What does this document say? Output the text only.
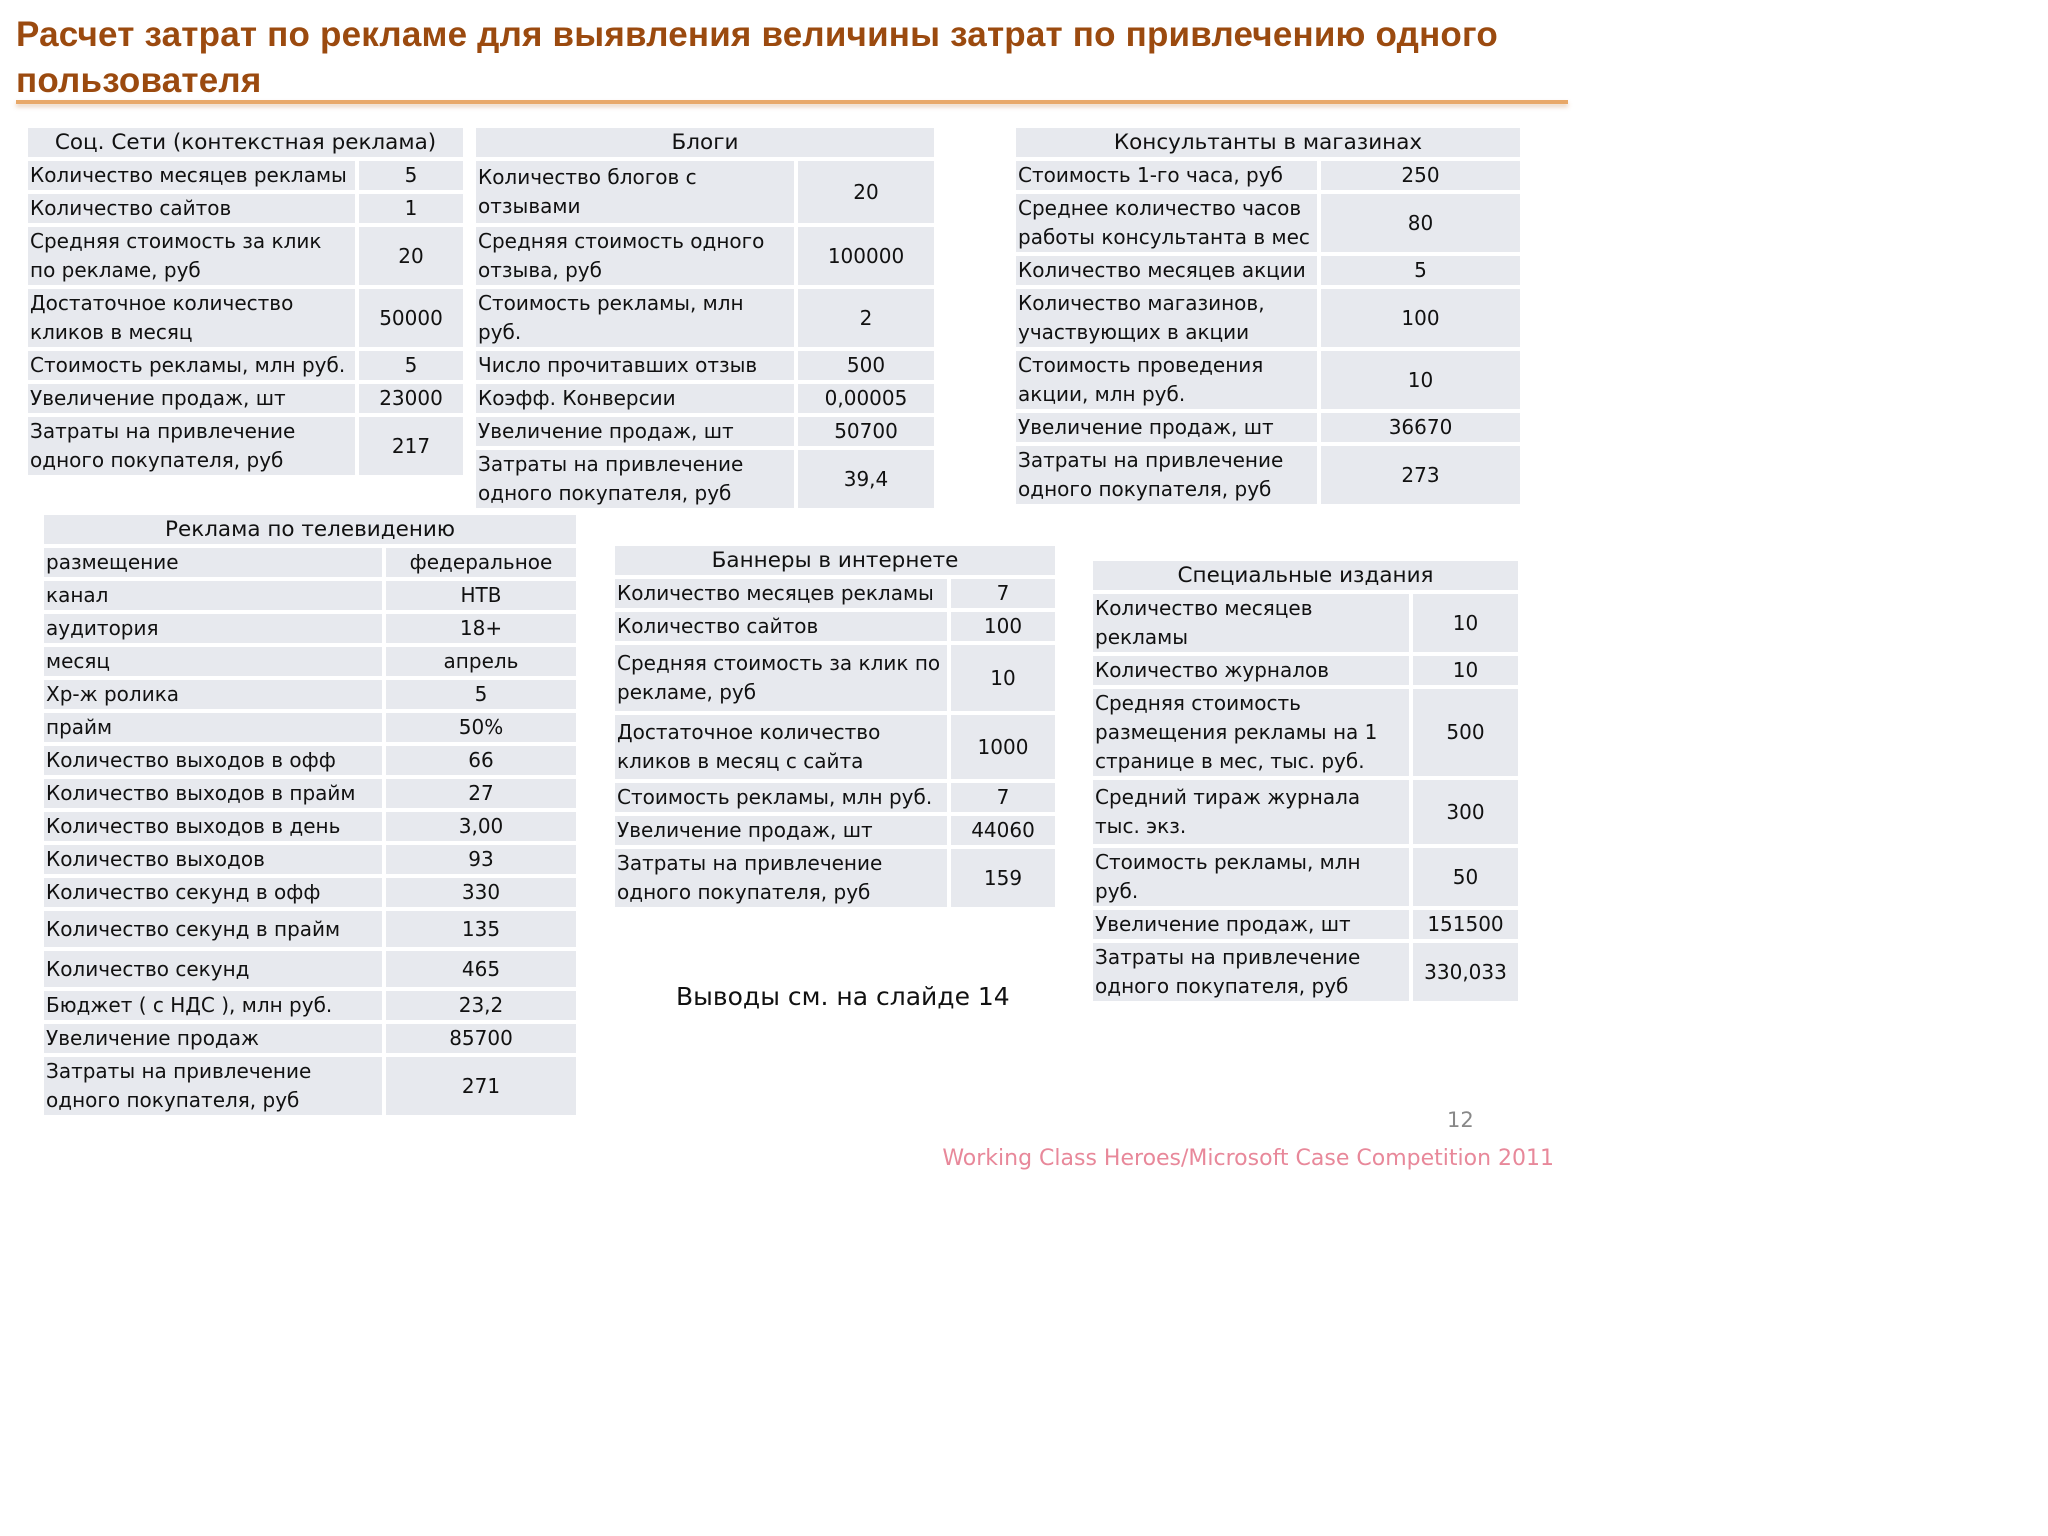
Расчет затрат по рекламе для выявления величины затрат по привлечению одного пользователя
Соц. Сети (контекстная реклама)	
Количество месяцев рекламы	5
Количество сайтов	1
Средняя стоимость за клик по рекламе, руб	20
Достаточное количество кликов в месяц	50000
Стоимость рекламы, млн руб.	5
Увеличение продаж, шт	23000
Затраты на привлечение одного покупателя, руб	217
Блоги	
Количество блогов с отзывами	20
Средняя стоимость одного отзыва, руб	100000
Стоимость рекламы, млн руб.	2
Число прочитавших отзыв	500
Коэфф. Конверсии	0,00005
Увеличение продаж, шт	50700
Затраты на привлечение одного покупателя, руб	39,4
Консультанты в магазинах	
Стоимость 1-го часа, руб	250
Среднее количество часов работы консультанта в мес	80
Количество месяцев акции	5
Количество магазинов, участвующих в акции	100
Стоимость проведения акции, млн руб.	10
Увеличение продаж, шт	36670
Затраты на привлечение одного покупателя, руб	273
Реклама по телевидению	
размещение	федеральное
канал	НТВ
аудитория	18+
месяц	апрель
Хр-ж ролика	5
прайм	50%
Количество выходов в офф	66
Количество выходов в прайм	27
Количество выходов в день	3,00
Количество выходов	93
Количество секунд в офф	330
Количество секунд в прайм	135
Количество секунд	465
Бюджет ( с НДС ), млн руб.	23,2
Увеличение продаж	85700
Затраты на привлечение одного покупателя, руб	271
Баннеры в интернете	
Количество месяцев рекламы	7
Количество сайтов	100
Средняя стоимость за клик по рекламе, руб	10
Достаточное количество кликов в месяц с сайта	1000
Стоимость рекламы, млн руб.	7
Увеличение продаж, шт	44060
Затраты на привлечение одного покупателя, руб	159
Специальные издания	
Количество месяцев рекламы	10
Количество журналов	10
Средняя стоимость размещения рекламы на 1 странице в мес, тыс. руб.	500
Средний тираж журнала тыс. экз.	300
Стоимость рекламы, млн руб.	50
Увеличение продаж, шт	151500
Затраты на привлечение одного покупателя, руб	330,033
Выводы см. на слайде 14
12
Working Class Heroes/Microsoft Case Competition 2011
